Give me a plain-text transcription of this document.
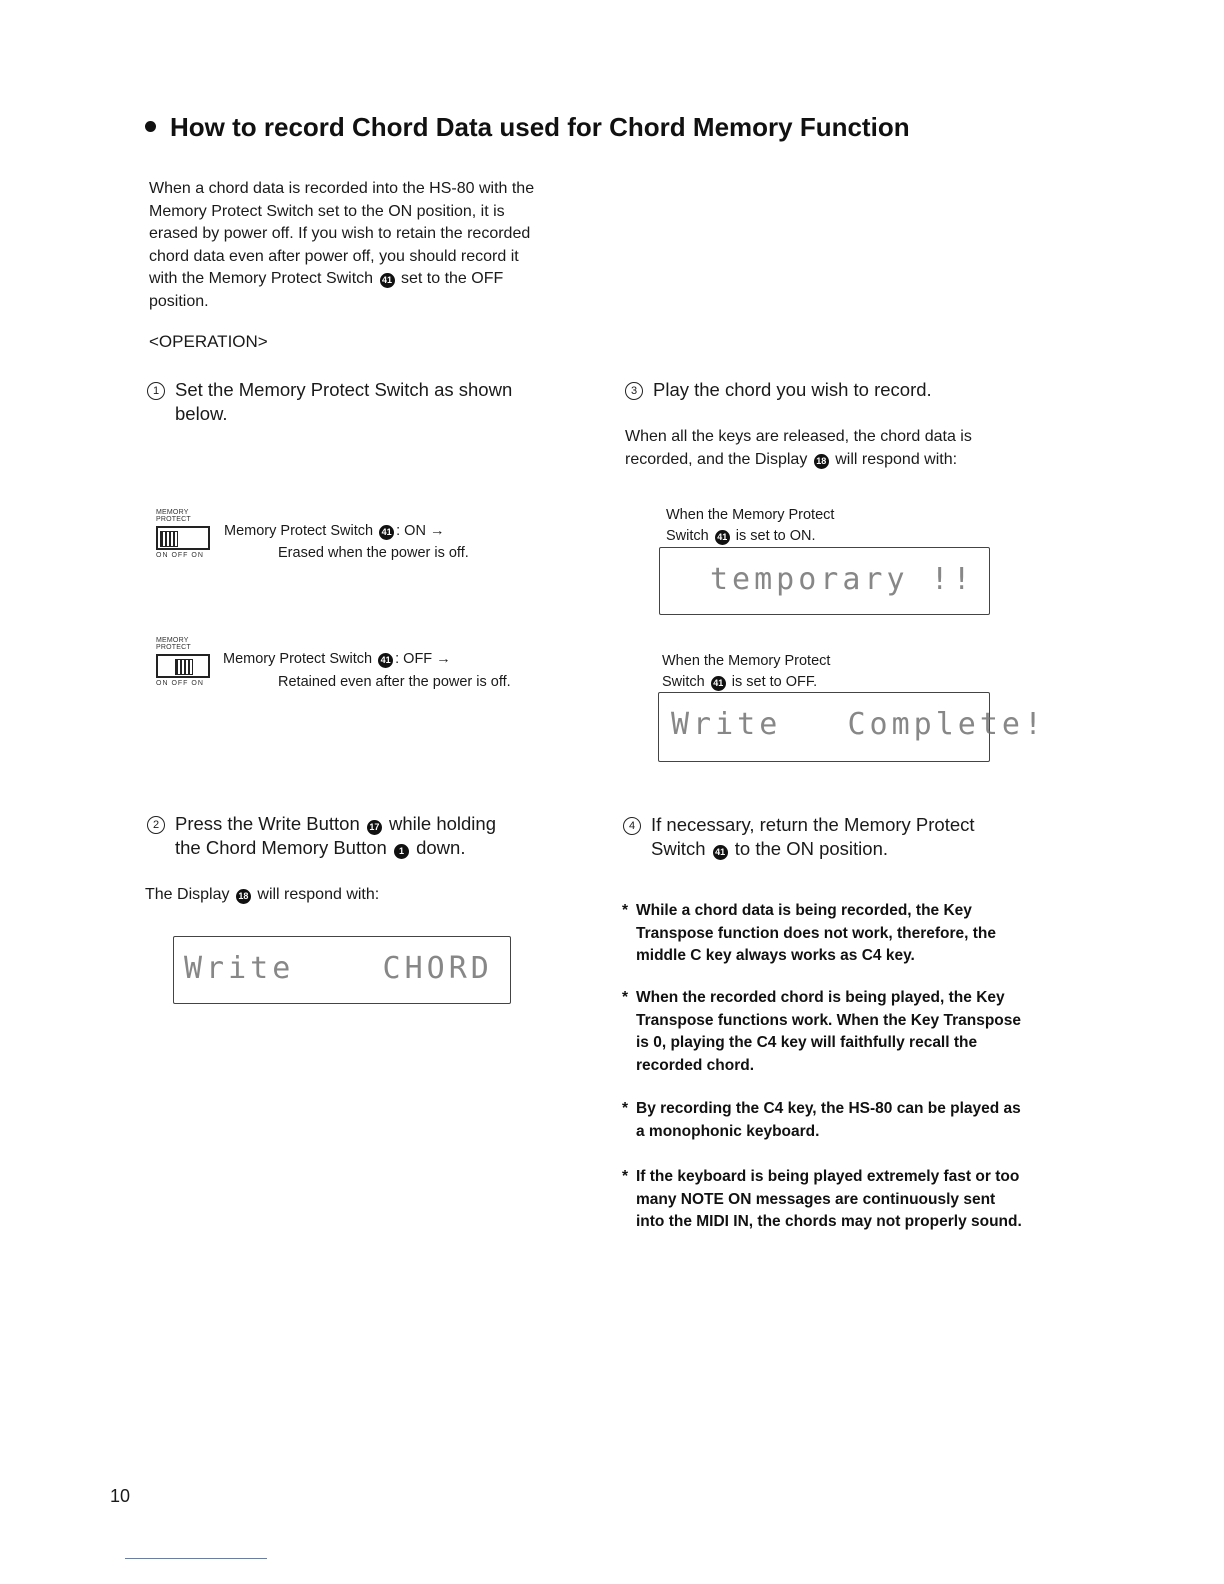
How to record Chord Data used for Chord Memory Function
When a chord data is recorded into the HS-80 with the Memory Protect Switch set to the ON position, it is erased by power off. If you wish to retain the recorded chord data even after power off, you should record it with the Memory Protect Switch 41 set to the OFF position.
<OPERATION>
1 Set the Memory Protect Switch as shown
below.
MEMORY PROTECT
ON OFF ON
Memory Protect Switch 41 : ON →
Erased when the power is off.
MEMORY PROTECT
ON OFF ON
Memory Protect Switch 41 : OFF →
Retained even after the power is off.
2 Press the Write Button 17 while holding
the Chord Memory Button 1 down.
The Display 18 will respond with:
Write    CHORD
3 Play the chord you wish to record.
When all the keys are released, the chord data is recorded, and the Display 18 will respond with:
When the Memory Protect
Switch 41 is set to ON.
temporary !!
When the Memory Protect
Switch 41 is set to OFF.
Write   Complete!
4 If necessary, return the Memory Protect
Switch 41 to the ON position.
* While a chord data is being recorded, the Key Transpose function does not work, therefore, the middle C key always works as C4 key.
* When the recorded chord is being played, the Key Transpose functions work. When the Key Transpose is 0, playing the C4 key will faithfully recall the recorded chord.
* By recording the C4 key, the HS-80 can be played as a monophonic keyboard.
* If the keyboard is being played extremely fast or too many NOTE ON messages are continuously sent into the MIDI IN, the chords may not properly sound.
10
